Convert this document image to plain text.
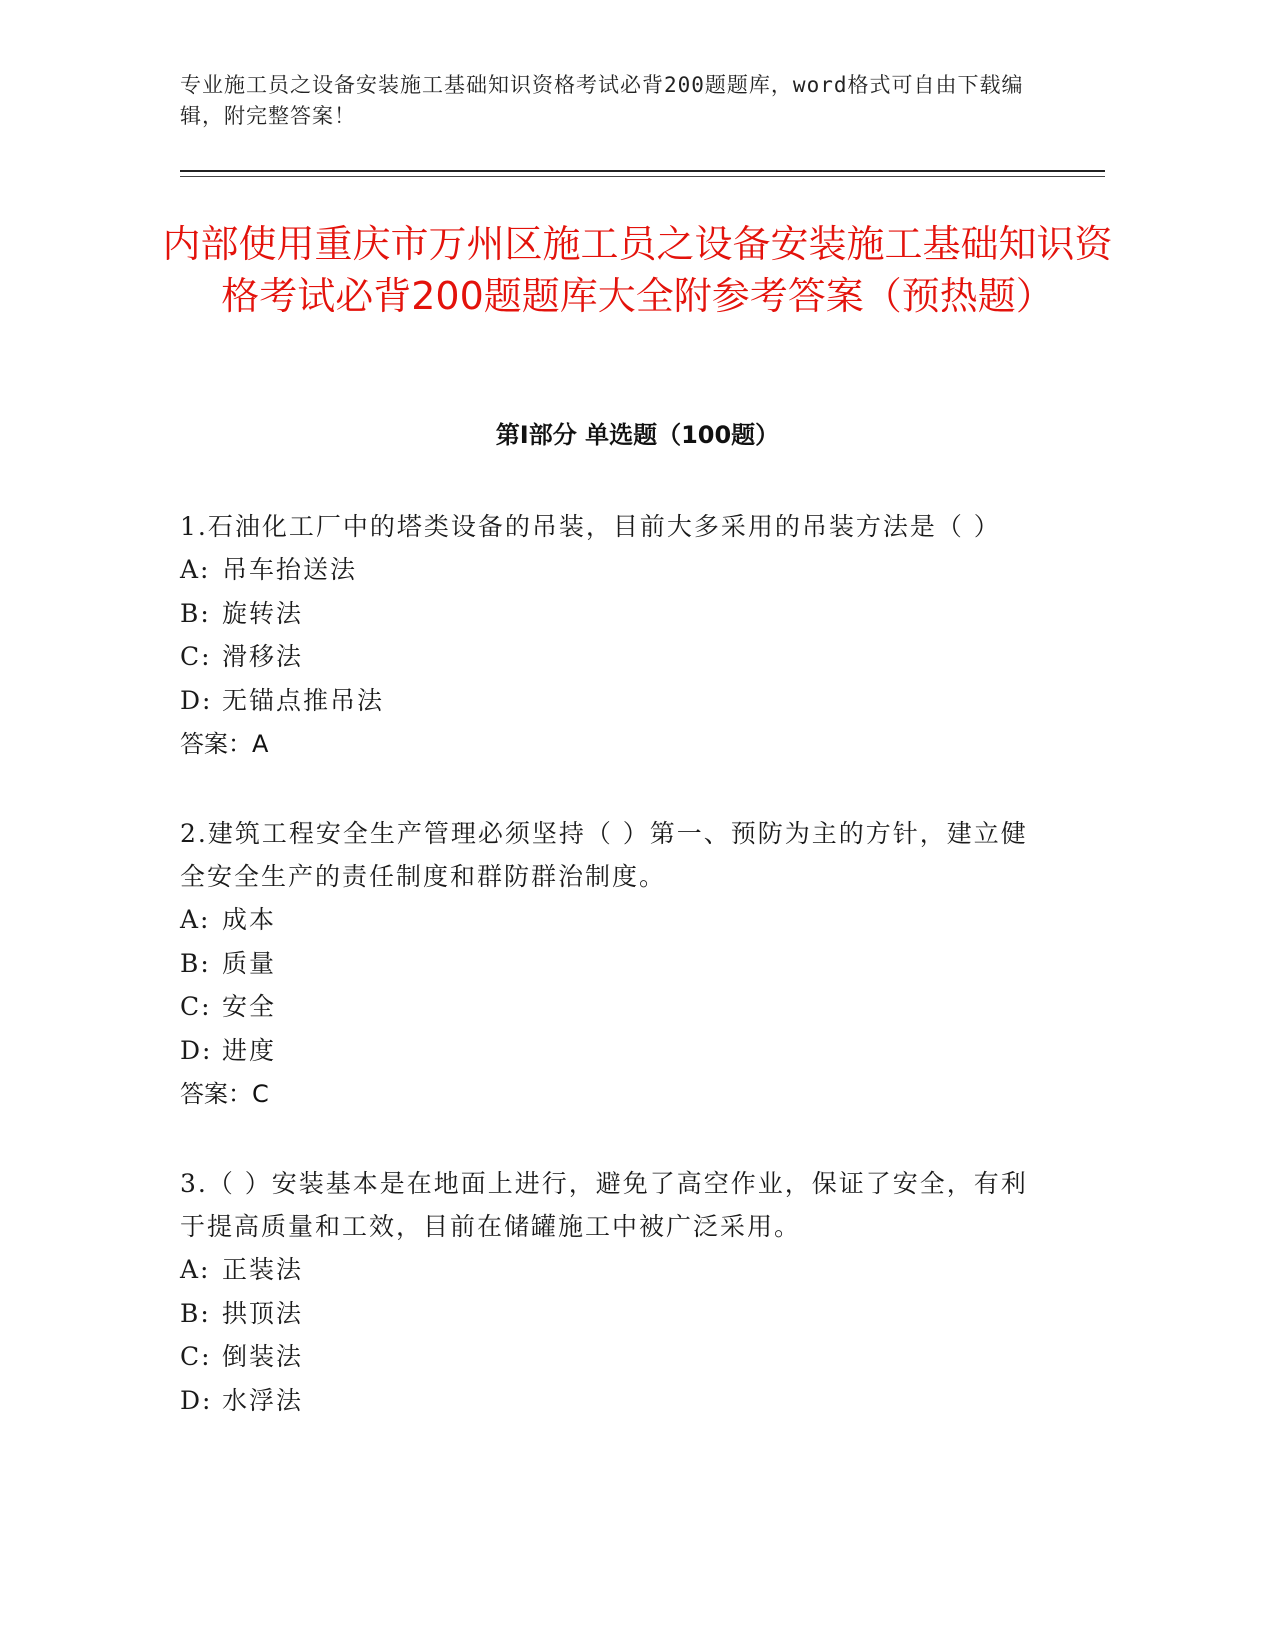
专业施工员之设备安装施工基础知识资格考试必背200题题库，word格式可自由下载编辑，附完整答案！
内部使用重庆市万州区施工员之设备安装施工基础知识资格考试必背200题题库大全附参考答案（预热题）
第Ⅰ部分 单选题（100题）

1.石油化工厂中的塔类设备的吊装，目前大多采用的吊装方法是（ ）

A: 吊车抬送法

B: 旋转法

C: 滑移法

D: 无锚点推吊法

答案：A

2.建筑工程安全生产管理必须坚持（ ）第一、预防为主的方针，建立健全安全生产的责任制度和群防群治制度。

A: 成本

B: 质量

C: 安全

D: 进度

答案：C

3.（ ）安装基本是在地面上进行，避免了高空作业，保证了安全，有利于提高质量和工效，目前在储罐施工中被广泛采用。

A: 正装法

B: 拱顶法

C: 倒装法

D: 水浮法
